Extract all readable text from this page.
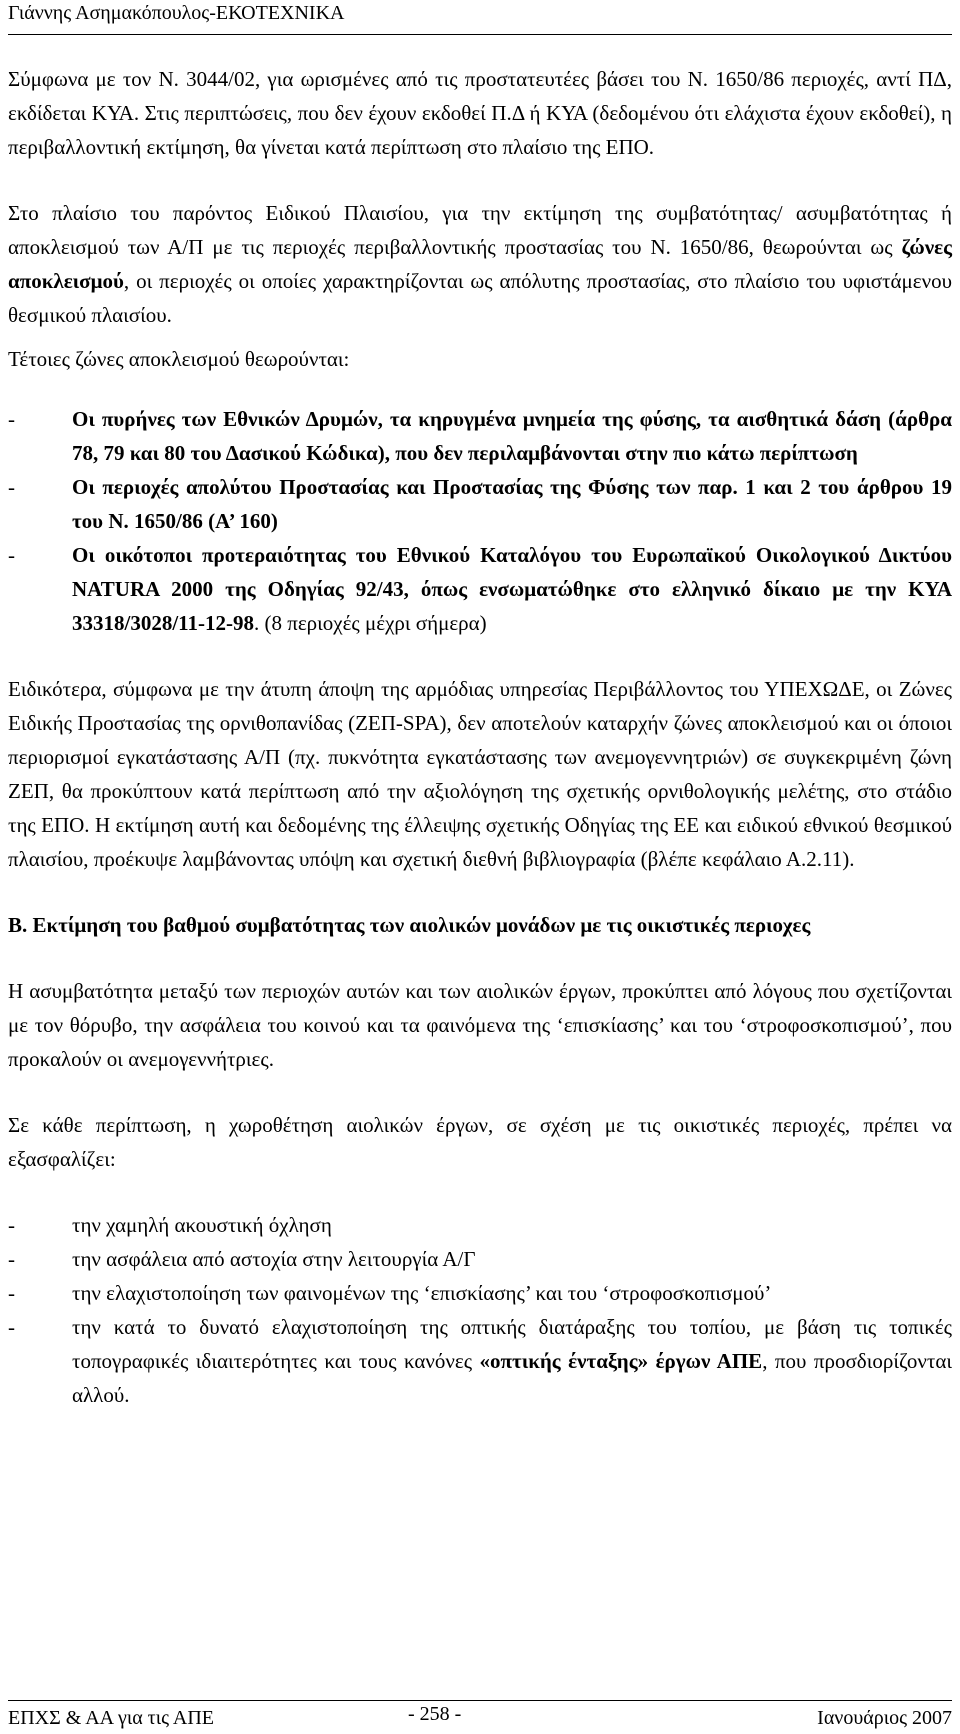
Γιάννης Ασημακόπουλος-ΕΚΟΤΕΧΝΙΚΑ

Σύμφωνα με τον Ν. 3044/02, για ωρισμένες από τις προστατευτέες βάσει του Ν. 1650/86 περιοχές, αντί ΠΔ, εκδίδεται ΚΥΑ. Στις περιπτώσεις, που δεν έχουν εκδοθεί Π.Δ ή ΚΥΑ (δεδομένου ότι ελάχιστα έχουν εκδοθεί), η περιβαλλοντική εκτίμηση, θα γίνεται κατά περίπτωση στο πλαίσιο της ΕΠΟ.

Στο πλαίσιο του παρόντος Ειδικού Πλαισίου, για την εκτίμηση της συμβατότητας/ ασυμβατότητας ή αποκλεισμού των Α/Π με τις περιοχές περιβαλλοντικής προστασίας του Ν. 1650/86, θεωρούνται ως ζώνες αποκλεισμού, οι περιοχές οι οποίες χαρακτηρίζονται ως απόλυτης προστασίας, στο πλαίσιο του υφιστάμενου θεσμικού πλαισίου.

Τέτοιες ζώνες αποκλεισμού θεωρούνται:

-	Οι πυρήνες των Εθνικών Δρυμών, τα κηρυγμένα μνημεία της φύσης, τα αισθητικά δάση (άρθρα 78, 79 και 80 του Δασικού Κώδικα), που δεν περιλαμβάνονται στην πιο κάτω περίπτωση
-	Οι περιοχές απολύτου Προστασίας και Προστασίας της Φύσης των παρ. 1 και 2 του άρθρου 19 του Ν. 1650/86 (Α’ 160)
-	Οι οικότοποι προτεραιότητας του Εθνικού Καταλόγου του Ευρωπαϊκού Οικολογικού Δικτύου NATURA 2000 της Οδηγίας 92/43, όπως ενσωματώθηκε στο ελληνικό δίκαιο με την ΚΥΑ 33318/3028/11-12-98. (8 περιοχές μέχρι σήμερα)

Ειδικότερα, σύμφωνα με την άτυπη άποψη της αρμόδιας υπηρεσίας Περιβάλλοντος του ΥΠΕΧΩΔΕ, οι Ζώνες Ειδικής Προστασίας της ορνιθοπανίδας (ΖΕΠ-SPA), δεν αποτελούν καταρχήν ζώνες αποκλεισμού και οι όποιοι περιορισμοί εγκατάστασης Α/Π (πχ. πυκνότητα εγκατάστασης των ανεμογεννητριών) σε συγκεκριμένη ζώνη ΖΕΠ, θα προκύπτουν κατά περίπτωση από την αξιολόγηση της σχετικής ορνιθολογικής μελέτης, στο στάδιο της ΕΠΟ. Η εκτίμηση αυτή και δεδομένης της έλλειψης σχετικής Οδηγίας της ΕΕ και ειδικού εθνικού θεσμικού πλαισίου, προέκυψε λαμβάνοντας υπόψη και σχετική διεθνή βιβλιογραφία (βλέπε κεφάλαιο Α.2.11).

Β. Εκτίμηση του βαθμού συμβατότητας των αιολικών μονάδων με τις οικιστικές περιοχες

Η ασυμβατότητα μεταξύ των περιοχών αυτών και των αιολικών έργων, προκύπτει από λόγους που σχετίζονται με τον θόρυβο, την ασφάλεια του κοινού και τα φαινόμενα της ‘επισκίασης’ και του ‘στροφοσκοπισμού’, που προκαλούν οι ανεμογεννήτριες.

Σε κάθε περίπτωση, η χωροθέτηση αιολικών έργων, σε σχέση με τις οικιστικές περιοχές, πρέπει να εξασφαλίζει:

-	την χαμηλή ακουστική όχληση
-	την ασφάλεια από αστοχία στην λειτουργία Α/Γ
-	την ελαχιστοποίηση των φαινομένων της ‘επισκίασης’ και του ‘στροφοσκοπισμού’
-	την κατά το δυνατό ελαχιστοποίηση της οπτικής διατάραξης του τοπίου, με βάση τις τοπικές τοπογραφικές ιδιαιτερότητες και τους κανόνες «οπτικής ένταξης» έργων ΑΠΕ, που προσδιορίζονται αλλού.
ΕΠΧΣ & ΑΑ για τις ΑΠΕ	- 258 -	Ιανουάριος 2007
